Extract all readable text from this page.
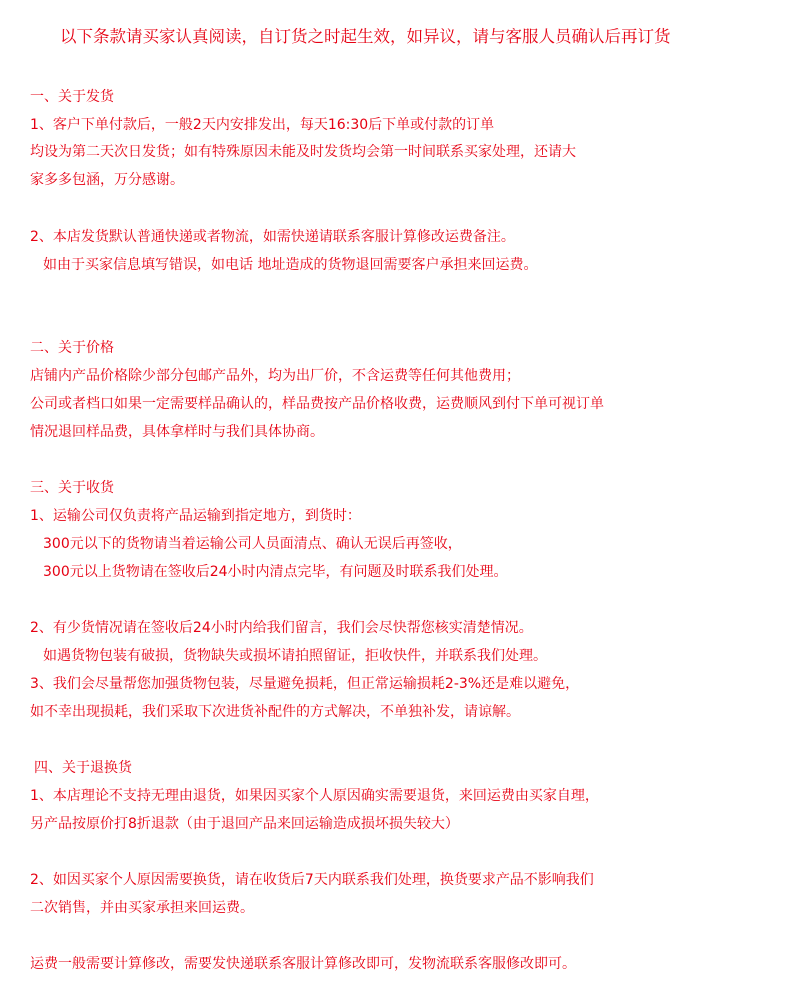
以下条款请买家认真阅读，自订货之时起生效，如异议，请与客服人员确认后再订货
一、关于发货
1、客户下单付款后，一般2天内安排发出，每天16:30后下单或付款的订单
均设为第二天次日发货；如有特殊原因未能及时发货均会第一时间联系买家处理，还请大
家多多包涵，万分感谢。
2、本店发货默认普通快递或者物流，如需快递请联系客服计算修改运费备注。
如由于买家信息填写错误，如电话 地址造成的货物退回需要客户承担来回运费。
二、关于价格
店铺内产品价格除少部分包邮产品外，均为出厂价，不含运费等任何其他费用；
公司或者档口如果一定需要样品确认的，样品费按产品价格收费，运费顺风到付下单可视订单
情况退回样品费，具体拿样时与我们具体协商。
三、关于收货
1、运输公司仅负责将产品运输到指定地方，到货时：
300元以下的货物请当着运输公司人员面清点、确认无误后再签收，
300元以上货物请在签收后24小时内清点完毕，有问题及时联系我们处理。
2、有少货情况请在签收后24小时内给我们留言，我们会尽快帮您核实清楚情况。
如遇货物包装有破损，货物缺失或损坏请拍照留证，拒收快件，并联系我们处理。
3、我们会尽量帮您加强货物包装，尽量避免损耗，但正常运输损耗2-3%还是难以避免，
如不幸出现损耗，我们采取下次进货补配件的方式解决，不单独补发，请谅解。
四、关于退换货
1、本店理论不支持无理由退货，如果因买家个人原因确实需要退货，来回运费由买家自理，
另产品按原价打8折退款（由于退回产品来回运输造成损坏损失较大）
2、如因买家个人原因需要换货，请在收货后7天内联系我们处理，换货要求产品不影响我们
二次销售，并由买家承担来回运费。
运费一般需要计算修改，需要发快递联系客服计算修改即可，发物流联系客服修改即可。
